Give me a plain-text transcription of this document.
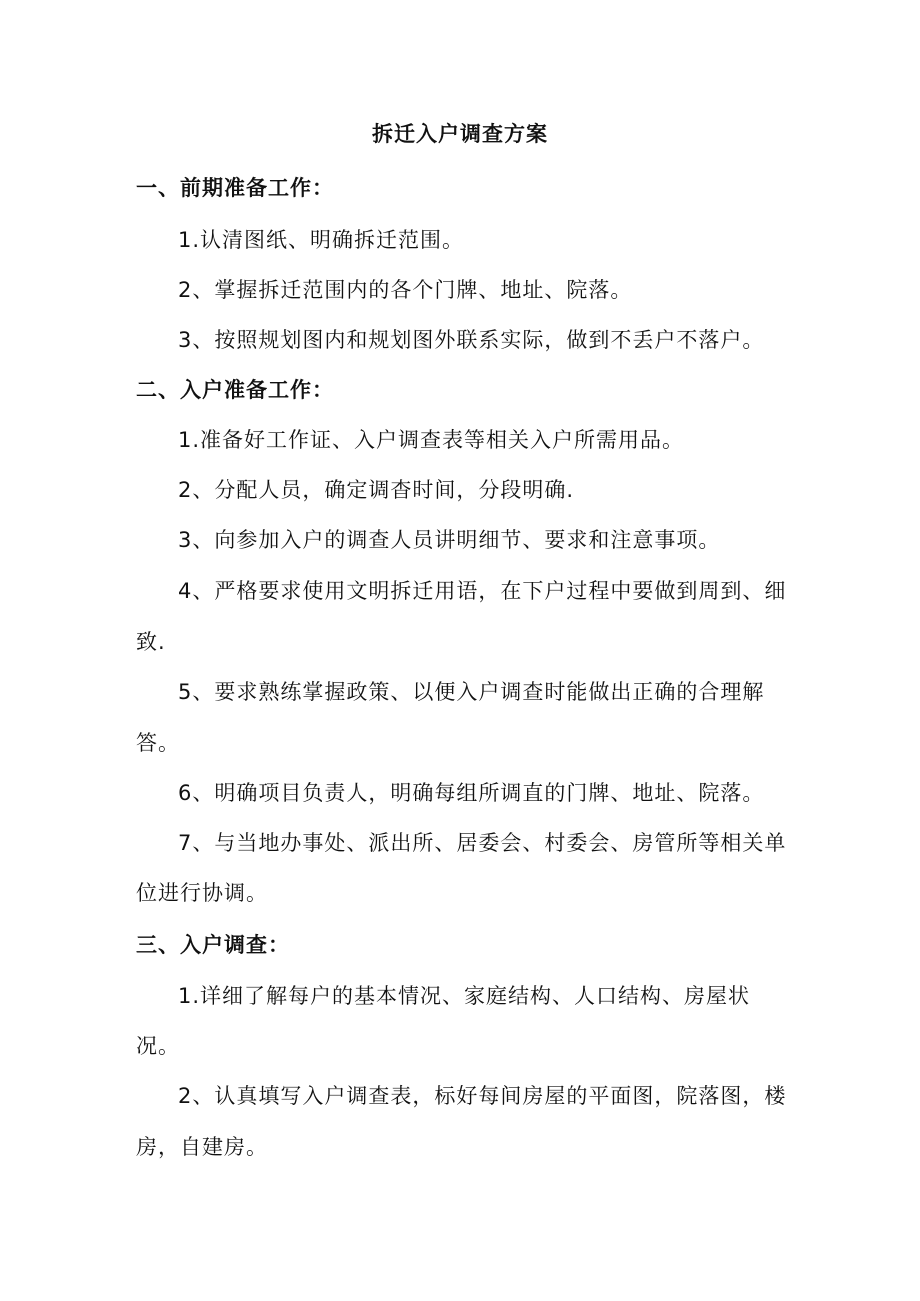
拆迁入户调查方案
一、前期准备工作：
1.认清图纸、明确拆迁范围。
2、掌握拆迁范围内的各个门牌、地址、院落。
3、按照规划图内和规划图外联系实际，做到不丢户不落户。
二、入户准备工作：
1.准备好工作证、入户调查表等相关入户所需用品。
2、分配人员，确定调杳时间，分段明确.
3、向参加入户的调查人员讲明细节、要求和注意事项。
4、严格要求使用文明拆迁用语，在下户过程中要做到周到、细
致.
5、要求熟练掌握政策、以便入户调查时能做出正确的合理解
答。
6、明确项目负责人，明确每组所调直的门牌、地址、院落。
7、与当地办事处、派出所、居委会、村委会、房管所等相关单
位进行协调。
三、入户调查：
1.详细了解每户的基本情况、家庭结构、人口结构、房屋状
况。
2、认真填写入户调查表，标好每间房屋的平面图，院落图，楼
房，自建房。
